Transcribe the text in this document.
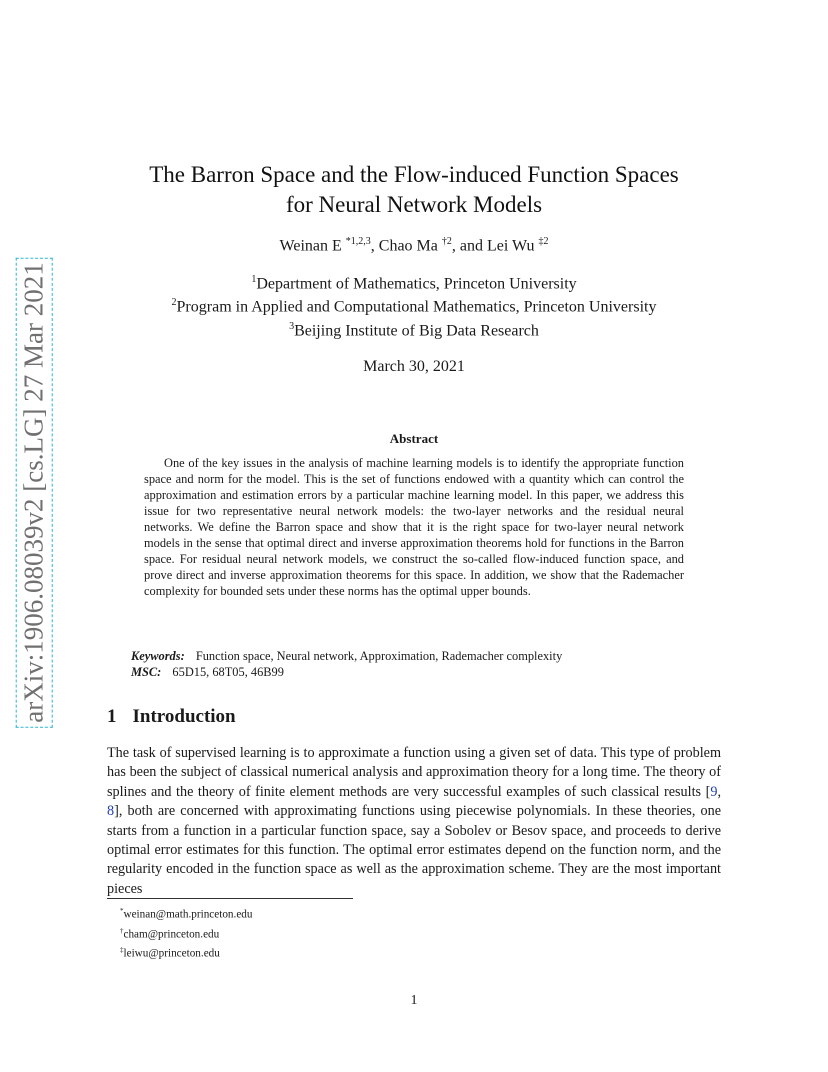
arXiv:1906.08039v2 [cs.LG] 27 Mar 2021
The Barron Space and the Flow-induced Function Spaces
for Neural Network Models
Weinan E $^{*1,2,3}$, Chao Ma $^{\dagger 2}$, and Lei Wu $^{\ddagger 2}$
$^1$Department of Mathematics, Princeton University
$^2$Program in Applied and Computational Mathematics, Princeton University
$^3$Beijing Institute of Big Data Research
March 30, 2021
Abstract

One of the key issues in the analysis of machine learning models is to identify the appropriate function space and norm for the model. This is the set of functions endowed with a quantity which can control the approximation and estimation errors by a particular machine learning model. In this paper, we address this issue for two representative neural network models: the two-layer networks and the residual neural networks. We define the Barron space and show that it is the right space for two-layer neural network models in the sense that optimal direct and inverse approximation theorems hold for functions in the Barron space. For residual neural network models, we construct the so-called flow-induced function space, and prove direct and inverse approximation theorems for this space. In addition, we show that the Rademacher complexity for bounded sets under these norms has the optimal upper bounds.

Keywords: Function space, Neural network, Approximation, Rademacher complexity
MSC: 65D15, 68T05, 46B99
1 Introduction

The task of supervised learning is to approximate a function using a given set of data. This type of problem has been the subject of classical numerical analysis and approximation theory for a long time. The theory of splines and the theory of finite element methods are very successful examples of such classical results [9, 8], both are concerned with approximating functions using piecewise polynomials. In these theories, one starts from a function in a particular function space, say a Sobolev or Besov space, and proceeds to derive optimal error estimates for this function. The optimal error estimates depend on the function norm, and the regularity encoded in the function space as well as the approximation scheme. They are the most important pieces

*weinan@math.princeton.edu
†cham@princeton.edu
‡leiwu@princeton.edu
1
